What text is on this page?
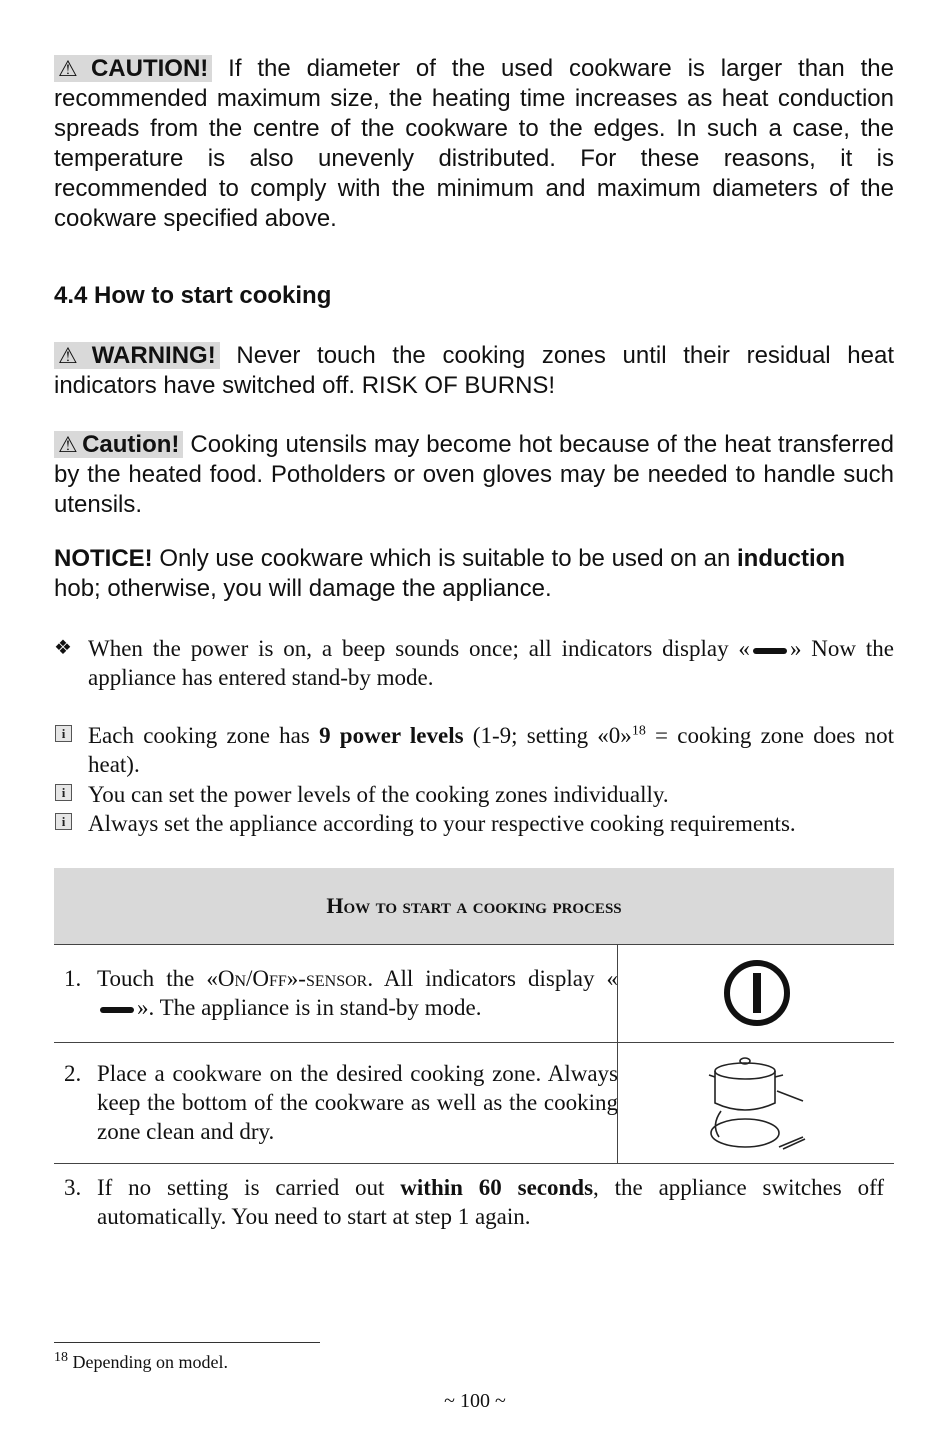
⚠ CAUTION! If the diameter of the used cookware is larger than the recommended maximum size, the heating time increases as heat conduction spreads from the centre of the cookware to the edges. In such a case, the temperature is also unevenly distributed. For these reasons, it is recommended to comply with the minimum and maximum diameters of the cookware specified above.
4.4 How to start cooking
⚠ WARNING! Never touch the cooking zones until their residual heat indicators have switched off. RISK OF BURNS!
⚠ Caution! Cooking utensils may become hot because of the heat transferred by the heated food. Potholders or oven gloves may be needed to handle such utensils.
NOTICE! Only use cookware which is suitable to be used on an induction hob; otherwise, you will damage the appliance.
❖ When the power is on, a beep sounds once; all indicators display « » Now the appliance has entered stand-by mode.
i Each cooking zone has 9 power levels (1-9; setting «0»$^{18}$ = cooking zone does not heat).
i You can set the power levels of the cooking zones individually.
i Always set the appliance according to your respective cooking requirements.
How to start a cooking process
1. Touch the «On/Off»-sensor. All indicators display «». The appliance is in stand-by mode.
2. Place a cookware on the desired cooking zone. Always keep the bottom of the cookware as well as the cooking zone clean and dry.
3. If no setting is carried out within 60 seconds, the appliance switches off automatically. You need to start at step 1 again.
$^{18}$ Depending on model.
~ 100 ~
